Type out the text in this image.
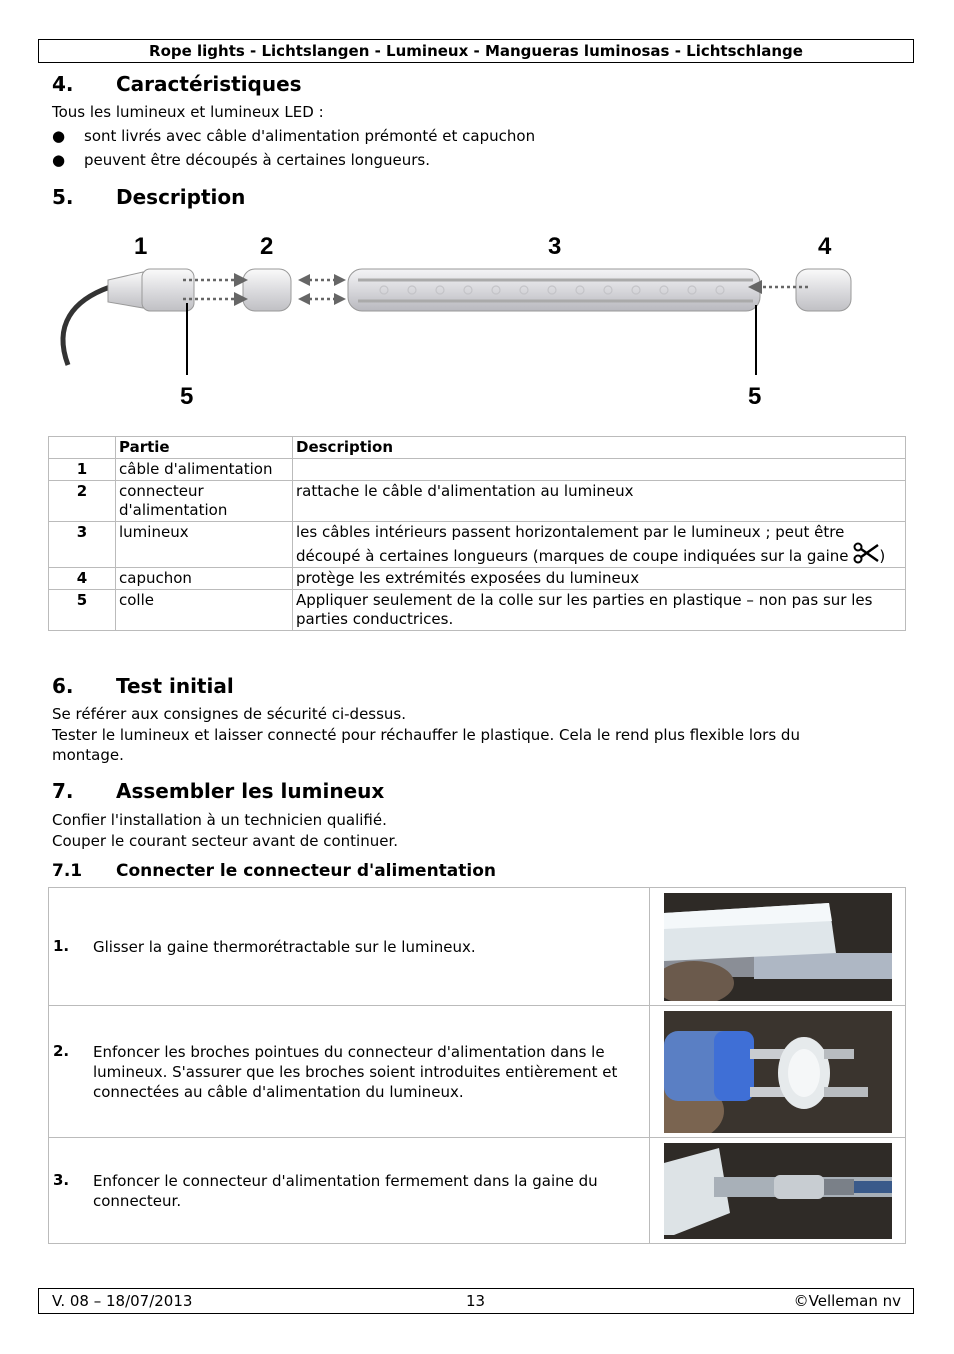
Rope lights - Lichtslangen - Lumineux - Mangueras luminosas - Lichtschlange
4. Caractéristiques
Tous les lumineux et lumineux LED :
● sont livrés avec câble d'alimentation prémonté et capuchon
● peuvent être découpés à certaines longueurs.
5. Description
1	2	3	4
5	5
	Partie	Description
1	câble d'alimentation	
2	connecteur d'alimentation	rattache le câble d'alimentation au lumineux
3	lumineux	les câbles intérieurs passent horizontalement par le lumineux ; peut être découpé à certaines longueurs (marques de coupe indiquées sur la gaine )
4	capuchon	protège les extrémités exposées du lumineux
5	colle	Appliquer seulement de la colle sur les parties en plastique – non pas sur les parties conductrices.
6. Test initial
Se référer aux consignes de sécurité ci-dessus.
Tester le lumineux et laisser connecté pour réchauffer le plastique. Cela le rend plus flexible lors du
montage.
7. Assembler les lumineux
Confier l'installation à un technicien qualifié.
Couper le courant secteur avant de continuer.
7.1 Connecter le connecteur d'alimentation
1. Glisser la gaine thermorétractable sur le lumineux.	

2. Enfoncer les broches pointues du connecteur d'alimentation dans le lumineux. S'assurer que les broches soient introduites entièrement et connectées au câble d'alimentation du lumineux.	

3. Enfoncer le connecteur d'alimentation fermement dans la gaine du connecteur.	
V. 08 – 18/07/2013	13	©Velleman nv
